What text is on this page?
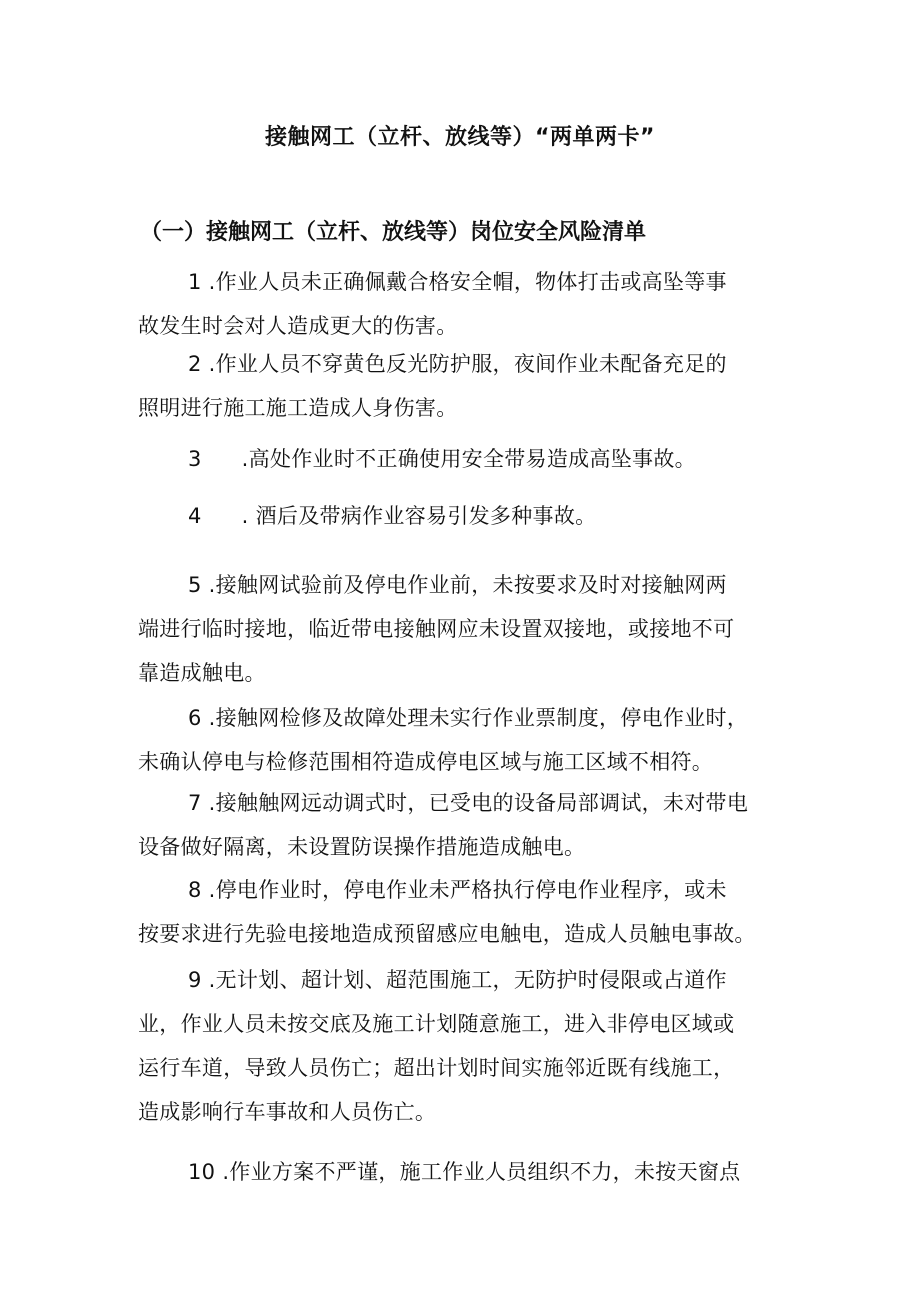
接触网工（立杆、放线等）“两单两卡”
（一）接触网工（立杆、放线等）岗位安全风险清单
1 .作业人员未正确佩戴合格安全帽，物体打击或高坠等事
故发生时会对人造成更大的伤害。
2 .作业人员不穿黄色反光防护服，夜间作业未配备充足的
照明进行施工施工造成人身伤害。
3 .高处作业时不正确使用安全带易造成高坠事故。
4 . 酒后及带病作业容易引发多种事故。
5 .接触网试验前及停电作业前，未按要求及时对接触网两
端进行临时接地，临近带电接触网应未设置双接地，或接地不可
靠造成触电。
6 .接触网检修及故障处理未实行作业票制度，停电作业时，
未确认停电与检修范围相符造成停电区域与施工区域不相符。
7 .接触触网远动调式时，已受电的设备局部调试，未对带电
设备做好隔离，未设置防误操作措施造成触电。
8 .停电作业时，停电作业未严格执行停电作业程序，或未
按要求进行先验电接地造成预留感应电触电，造成人员触电事故。
9 .无计划、超计划、超范围施工，无防护时侵限或占道作
业，作业人员未按交底及施工计划随意施工，进入非停电区域或
运行车道，导致人员伤亡；超出计划时间实施邻近既有线施工，
造成影响行车事故和人员伤亡。
10 .作业方案不严谨，施工作业人员组织不力，未按天窗点
